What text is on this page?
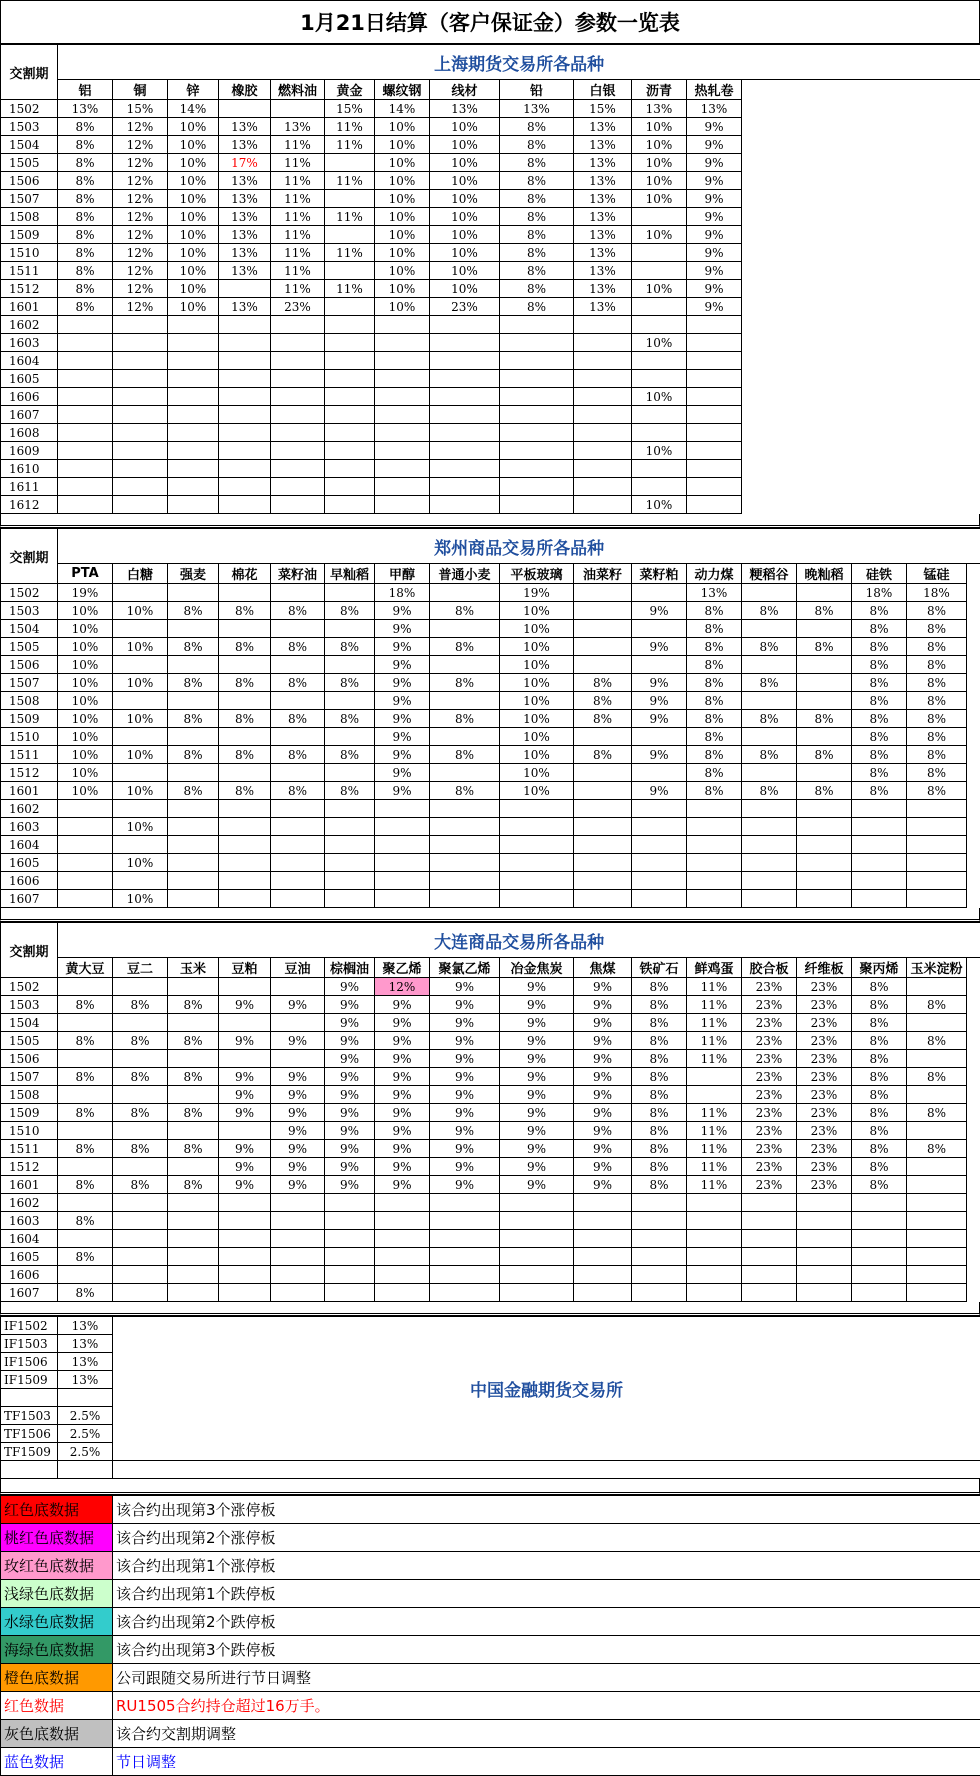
1月21日结算（客户保证金）参数一览表
交割期	上海期货交易所各品种												
	铝	铜	锌	橡胶	燃料油	黄金	螺纹钢	线材	铅	白银	沥青	热轧卷	
1502	13%	15%	14%			15%	14%	13%	13%	15%	13%	13%	
1503	8%	12%	10%	13%	13%	11%	10%	10%	8%	13%	10%	9%	
1504	8%	12%	10%	13%	11%	11%	10%	10%	8%	13%	10%	9%	
1505	8%	12%	10%	17%	11%		10%	10%	8%	13%	10%	9%	
1506	8%	12%	10%	13%	11%	11%	10%	10%	8%	13%	10%	9%	
1507	8%	12%	10%	13%	11%		10%	10%	8%	13%	10%	9%	
1508	8%	12%	10%	13%	11%	11%	10%	10%	8%	13%		9%	
1509	8%	12%	10%	13%	11%		10%	10%	8%	13%	10%	9%	
1510	8%	12%	10%	13%	11%	11%	10%	10%	8%	13%		9%	
1511	8%	12%	10%	13%	11%		10%	10%	8%	13%		9%	
1512	8%	12%	10%		11%	11%	10%	10%	8%	13%	10%	9%	
1601	8%	12%	10%	13%	23%		10%	23%	8%	13%		9%	
1602													
1603											10%		
1604													
1605													
1606											10%		
1607													
1608													
1609											10%		
1610													
1611													
1612											10%		
交割期	郑州商品交易所各品种																
	PTA	白糖	强麦	棉花	菜籽油	早籼稻	甲醇	普通小麦	平板玻璃	油菜籽	菜籽粕	动力煤	粳稻谷	晚籼稻	硅铁	锰硅	
1502	19%						18%		19%			13%			18%	18%	
1503	10%	10%	8%	8%	8%	8%	9%	8%	10%		9%	8%	8%	8%	8%	8%	
1504	10%						9%		10%			8%			8%	8%	
1505	10%	10%	8%	8%	8%	8%	9%	8%	10%		9%	8%	8%	8%	8%	8%	
1506	10%						9%		10%			8%			8%	8%	
1507	10%	10%	8%	8%	8%	8%	9%	8%	10%	8%	9%	8%	8%		8%	8%	
1508	10%						9%		10%	8%	9%	8%			8%	8%	
1509	10%	10%	8%	8%	8%	8%	9%	8%	10%	8%	9%	8%	8%	8%	8%	8%	
1510	10%						9%		10%			8%			8%	8%	
1511	10%	10%	8%	8%	8%	8%	9%	8%	10%	8%	9%	8%	8%	8%	8%	8%	
1512	10%						9%		10%			8%			8%	8%	
1601	10%	10%	8%	8%	8%	8%	9%	8%	10%		9%	8%	8%	8%	8%	8%	
1602																	
1603		10%															
1604																	
1605		10%															
1606																	
1607		10%															
交割期	大连商品交易所各品种																
	黄大豆	豆二	玉米	豆粕	豆油	棕榈油	聚乙烯	聚氯乙烯	冶金焦炭	焦煤	铁矿石	鲜鸡蛋	胶合板	纤维板	聚丙烯	玉米淀粉	
1502						9%	12%	9%	9%	9%	8%	11%	23%	23%	8%		
1503	8%	8%	8%	9%	9%	9%	9%	9%	9%	9%	8%	11%	23%	23%	8%	8%	
1504						9%	9%	9%	9%	9%	8%	11%	23%	23%	8%		
1505	8%	8%	8%	9%	9%	9%	9%	9%	9%	9%	8%	11%	23%	23%	8%	8%	
1506						9%	9%	9%	9%	9%	8%	11%	23%	23%	8%		
1507	8%	8%	8%	9%	9%	9%	9%	9%	9%	9%	8%		23%	23%	8%	8%	
1508				9%	9%	9%	9%	9%	9%	9%	8%		23%	23%	8%		
1509	8%	8%	8%	9%	9%	9%	9%	9%	9%	9%	8%	11%	23%	23%	8%	8%	
1510					9%	9%	9%	9%	9%	9%	8%	11%	23%	23%	8%		
1511	8%	8%	8%	9%	9%	9%	9%	9%	9%	9%	8%	11%	23%	23%	8%	8%	
1512				9%	9%	9%	9%	9%	9%	9%	8%	11%	23%	23%	8%		
1601	8%	8%	8%	9%	9%	9%	9%	9%	9%	9%	8%	11%	23%	23%	8%		
1602																	
1603	8%																
1604																	
1605	8%																
1606																	
1607	8%																
IF1502	13%	中国金融期货交易所
IF1503	13%	
IF1506	13%	
IF1509	13%	

TF1503	2.5%	
TF1506	2.5%	
TF1509	2.5%	

红色底数据	该合约出现第3个涨停板
桃红色底数据	该合约出现第2个涨停板
玫红色底数据	该合约出现第1个涨停板
浅绿色底数据	该合约出现第1个跌停板
水绿色底数据	该合约出现第2个跌停板
海绿色底数据	该合约出现第3个跌停板
橙色底数据	公司跟随交易所进行节日调整
红色数据	RU1505合约持仓超过16万手。
灰色底数据	该合约交割期调整
蓝色数据	节日调整
